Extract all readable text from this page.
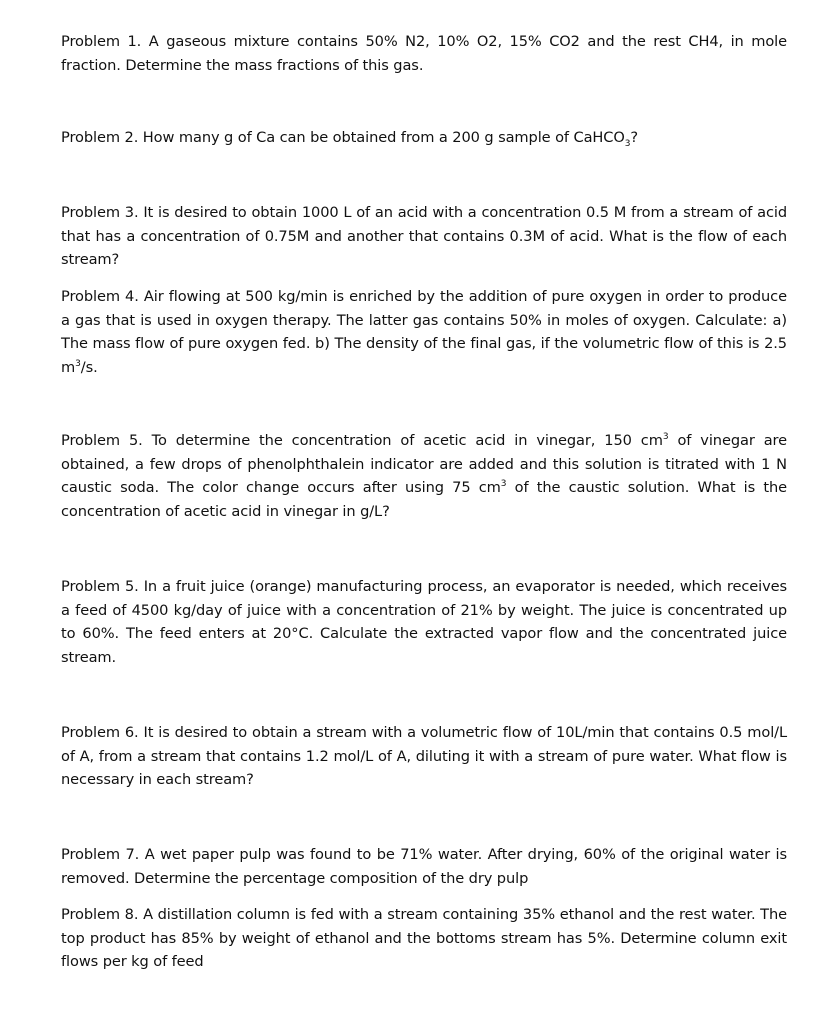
Problem 1. A gaseous mixture contains 50% N2, 10% O2, 15% CO2 and the rest CH4, in mole fraction. Determine the mass fractions of this gas.

Problem 2. How many g of Ca can be obtained from a 200 g sample of CaHCO$_3$?

Problem 3. It is desired to obtain 1000 L of an acid with a concentration 0.5 M from a stream of acid that has a concentration of 0.75M and another that contains 0.3M of acid. What is the flow of each stream?

Problem 4. Air flowing at 500 kg/min is enriched by the addition of pure oxygen in order to produce a gas that is used in oxygen therapy. The latter gas contains 50% in moles of oxygen. Calculate: a) The mass flow of pure oxygen fed. b) The density of the final gas, if the volumetric flow of this is 2.5 $m^3/s$.

Problem 5. To determine the concentration of acetic acid in vinegar, 150 $cm^3$ of vinegar are obtained, a few drops of phenolphthalein indicator are added and this solution is titrated with 1 N caustic soda. The color change occurs after using 75 $cm^3$ of the caustic solution. What is the concentration of acetic acid in vinegar in g/L?

Problem 5. In a fruit juice (orange) manufacturing process, an evaporator is needed, which receives a feed of 4500 kg/day of juice with a concentration of 21% by weight. The juice is concentrated up to 60%. The feed enters at 20°C. Calculate the extracted vapor flow and the concentrated juice stream.

Problem 6. It is desired to obtain a stream with a volumetric flow of 10L/min that contains 0.5 mol/L of A, from a stream that contains 1.2 mol/L of A, diluting it with a stream of pure water. What flow is necessary in each stream?

Problem 7. A wet paper pulp was found to be 71% water. After drying, 60% of the original water is removed. Determine the percentage composition of the dry pulp

Problem 8. A distillation column is fed with a stream containing 35% ethanol and the rest water. The top product has 85% by weight of ethanol and the bottoms stream has 5%. Determine column exit flows per kg of feed
